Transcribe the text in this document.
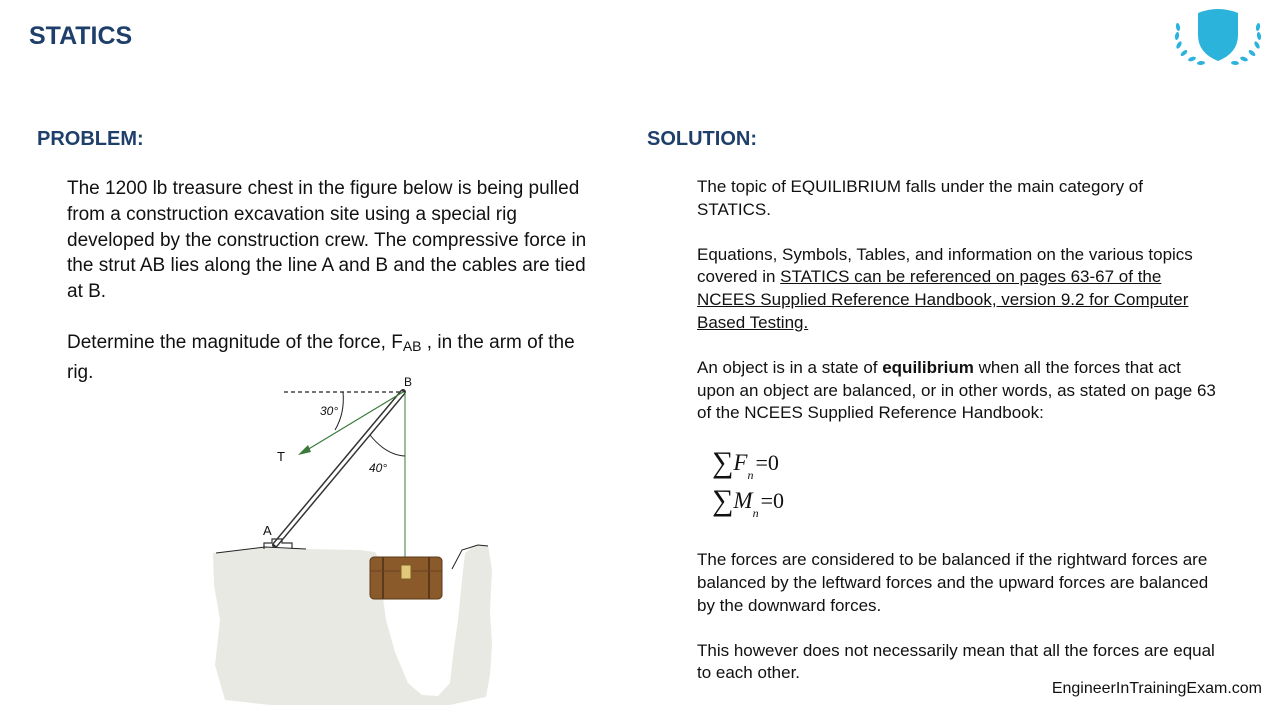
STATICS
PROBLEM:

The 1200 lb treasure chest in the figure below is being pulled from a construction excavation site using a special rig developed by the construction crew. The compressive force in the strut AB lies along the line A and B and the cables are tied at B.

Determine the magnitude of the force, $F_{AB}$ , in the arm of the rig.	B
A
T
30°
40°
SOLUTION:

The topic of EQUILIBRIUM falls under the main category of STATICS.

Equations, Symbols, Tables, and information on the various topics covered in STATICS can be referenced on pages 63-67 of the NCEES Supplied Reference Handbook, version 9.2 for Computer Based Testing.

An object is in a state of equilibrium when all the forces that act upon an object are balanced, or in other words, as stated on page 63 of the NCEES Supplied Reference Handbook:

The forces are considered to be balanced if the rightward forces are balanced by the leftward forces and the upward forces are balanced by the downward forces.

This however does not necessarily mean that all the forces are equal to each other.

$\sum F_n=0$
$\sum M_n=0$
EngineerInTrainingExam.com
